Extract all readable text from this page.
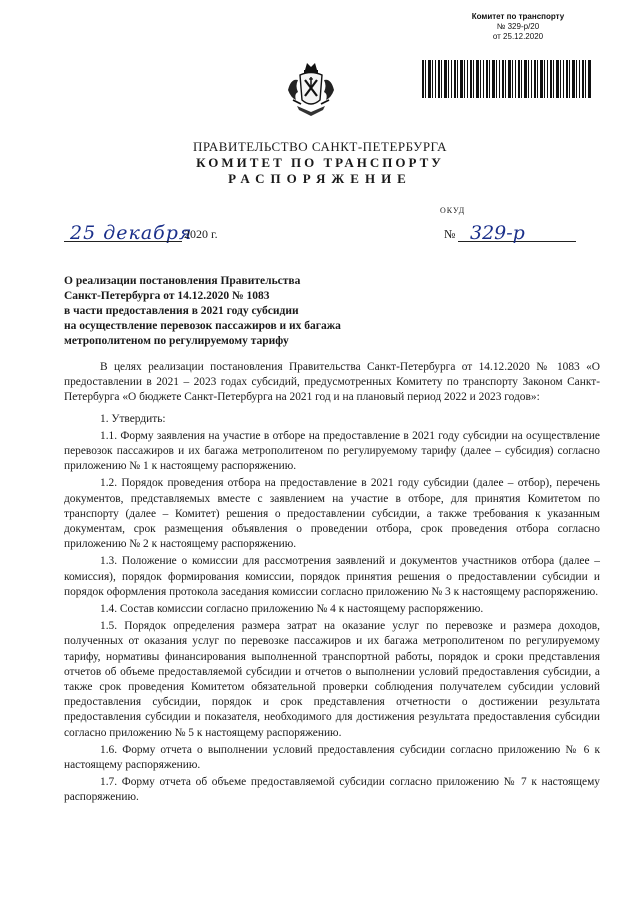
Комитет по транспорту
№ 329-р/20
от 25.12.2020
ПРАВИТЕЛЬСТВО САНКТ-ПЕТЕРБУРГА
КОМИТЕТ ПО ТРАНСПОРТУ
РАСПОРЯЖЕНИЕ
ОКУД
25 декабря
2020 г.	№ 329-р
О реализации постановления Правительства
Санкт-Петербурга от 14.12.2020 № 1083
в части предоставления в 2021 году субсидии
на осуществление перевозок пассажиров и их багажа
метрополитеном по регулируемому тарифу

В целях реализации постановления Правительства Санкт-Петербурга от 14.12.2020 № 1083 «О предоставлении в 2021 – 2023 годах субсидий, предусмотренных Комитету по транспорту Законом Санкт-Петербурга «О бюджете Санкт-Петербурга на 2021 год и на плановый период 2022 и 2023 годов»:

1. Утвердить:

1.1. Форму заявления на участие в отборе на предоставление в 2021 году субсидии на осуществление перевозок пассажиров и их багажа метрополитеном по регулируемому тарифу (далее – субсидия) согласно приложению № 1 к настоящему распоряжению.

1.2. Порядок проведения отбора на предоставление в 2021 году субсидии (далее – отбор), перечень документов, представляемых вместе с заявлением на участие в отборе, для принятия Комитетом по транспорту (далее – Комитет) решения о предоставлении субсидии, а также требования к указанным документам, срок размещения объявления о проведении отбора, срок проведения отбора согласно приложению № 2 к настоящему распоряжению.

1.3. Положение о комиссии для рассмотрения заявлений и документов участников отбора (далее – комиссия), порядок формирования комиссии, порядок принятия решения о предоставлении субсидии и порядок оформления протокола заседания комиссии согласно приложению № 3 к настоящему распоряжению.

1.4. Состав комиссии согласно приложению № 4 к настоящему распоряжению.

1.5. Порядок определения размера затрат на оказание услуг по перевозке и размера доходов, полученных от оказания услуг по перевозке пассажиров и их багажа метрополитеном по регулируемому тарифу, нормативы финансирования выполненной транспортной работы, порядок и сроки представления отчетов об объеме предоставляемой субсидии и отчетов о выполнении условий предоставления субсидии, а также срок проведения Комитетом обязательной проверки соблюдения получателем субсидии условий предоставления субсидии, порядок и срок представления отчетности о достижении результата предоставления субсидии и показателя, необходимого для достижения результата предоставления субсидии согласно приложению № 5 к настоящему распоряжению.

1.6. Форму отчета о выполнении условий предоставления субсидии согласно приложению № 6 к настоящему распоряжению.

1.7. Форму отчета об объеме предоставляемой субсидии согласно приложению № 7 к настоящему распоряжению.
